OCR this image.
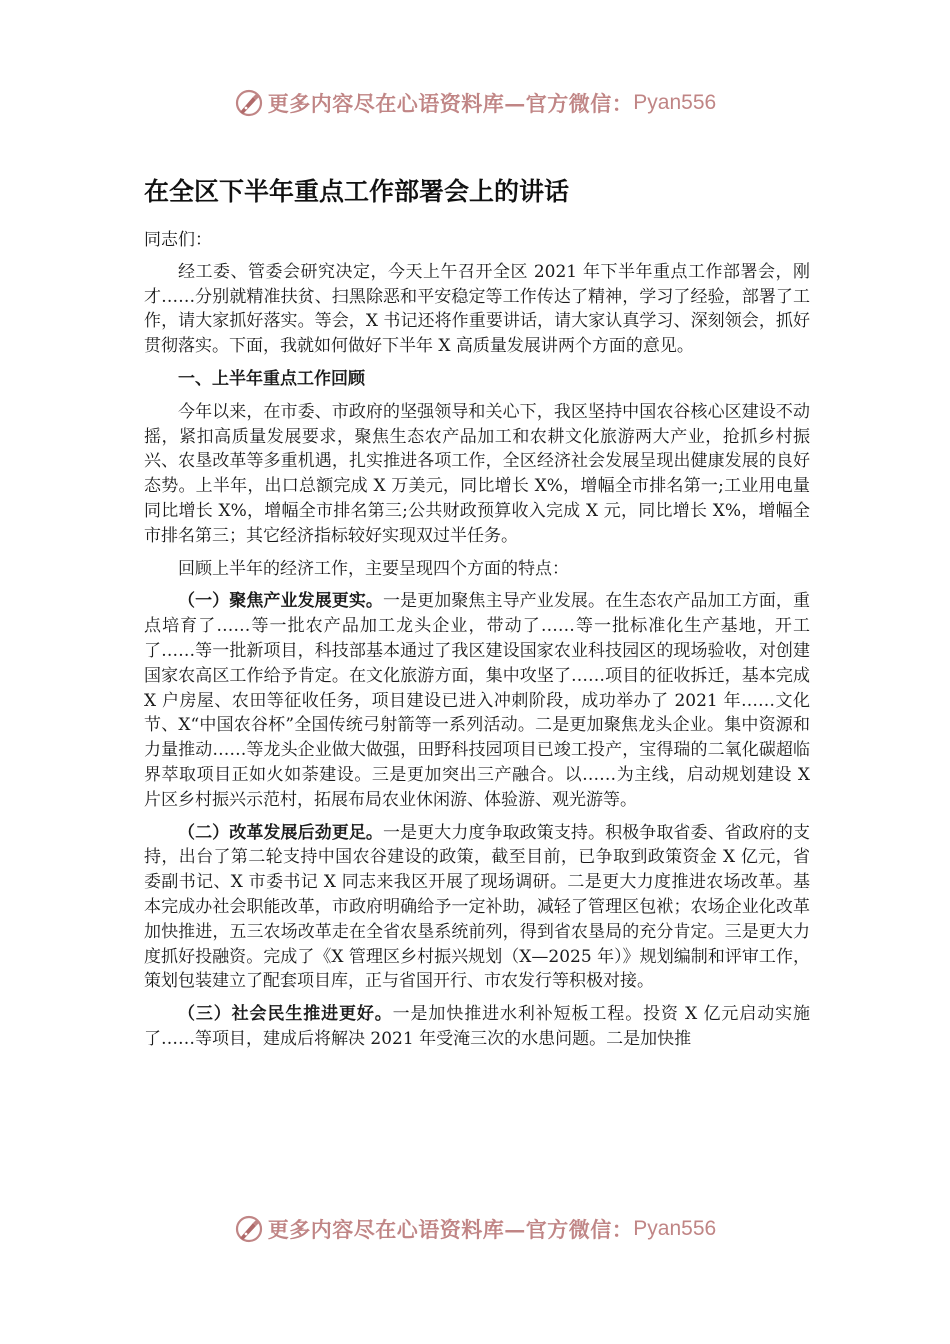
更多内容尽在心语资料库—官方微信： Pyan556
在全区下半年重点工作部署会上的讲话

同志们：

经工委、管委会研究决定，今天上午召开全区 2021 年下半年重点工作部署会，刚才……分别就精准扶贫、扫黑除恶和平安稳定等工作传达了精神，学习了经验，部署了工作，请大家抓好落实。等会，X 书记还将作重要讲话，请大家认真学习、深刻领会，抓好贯彻落实。下面，我就如何做好下半年 X 高质量发展讲两个方面的意见。

一、上半年重点工作回顾

今年以来，在市委、市政府的坚强领导和关心下，我区坚持中国农谷核心区建设不动摇，紧扣高质量发展要求，聚焦生态农产品加工和农耕文化旅游两大产业，抢抓乡村振兴、农垦改革等多重机遇，扎实推进各项工作，全区经济社会发展呈现出健康发展的良好态势。上半年，出口总额完成 X 万美元，同比增长 X%，增幅全市排名第一;工业用电量同比增长 X%，增幅全市排名第三;公共财政预算收入完成 X 元，同比增长 X%，增幅全市排名第三；其它经济指标较好实现双过半任务。

回顾上半年的经济工作，主要呈现四个方面的特点：

（一）聚焦产业发展更实。一是更加聚焦主导产业发展。在生态农产品加工方面，重点培育了……等一批农产品加工龙头企业，带动了……等一批标准化生产基地，开工了……等一批新项目，科技部基本通过了我区建设国家农业科技园区的现场验收，对创建国家农高区工作给予肯定。在文化旅游方面，集中攻坚了……项目的征收拆迁，基本完成 X 户房屋、农田等征收任务，项目建设已进入冲刺阶段，成功举办了 2021 年……文化节、X“中国农谷杯”全国传统弓射箭等一系列活动。二是更加聚焦龙头企业。集中资源和力量推动……等龙头企业做大做强，田野科技园项目已竣工投产，宝得瑞的二氧化碳超临界萃取项目正如火如荼建设。三是更加突出三产融合。以……为主线，启动规划建设 X 片区乡村振兴示范村，拓展布局农业休闲游、体验游、观光游等。

（二）改革发展后劲更足。一是更大力度争取政策支持。积极争取省委、省政府的支持，出台了第二轮支持中国农谷建设的政策，截至目前，已争取到政策资金 X 亿元，省委副书记、X 市委书记 X 同志来我区开展了现场调研。二是更大力度推进农场改革。基本完成办社会职能改革，市政府明确给予一定补助，减轻了管理区包袱；农场企业化改革加快推进，五三农场改革走在全省农垦系统前列，得到省农垦局的充分肯定。三是更大力度抓好投融资。完成了《X 管理区乡村振兴规划（X—2025 年）》规划编制和评审工作，策划包装建立了配套项目库，正与省国开行、市农发行等积极对接。

（三）社会民生推进更好。一是加快推进水利补短板工程。投资 X 亿元启动实施了……等项目，建成后将解决 2021 年受淹三次的水患问题。二是加快推

更多内容尽在心语资料库—官方微信： Pyan556
